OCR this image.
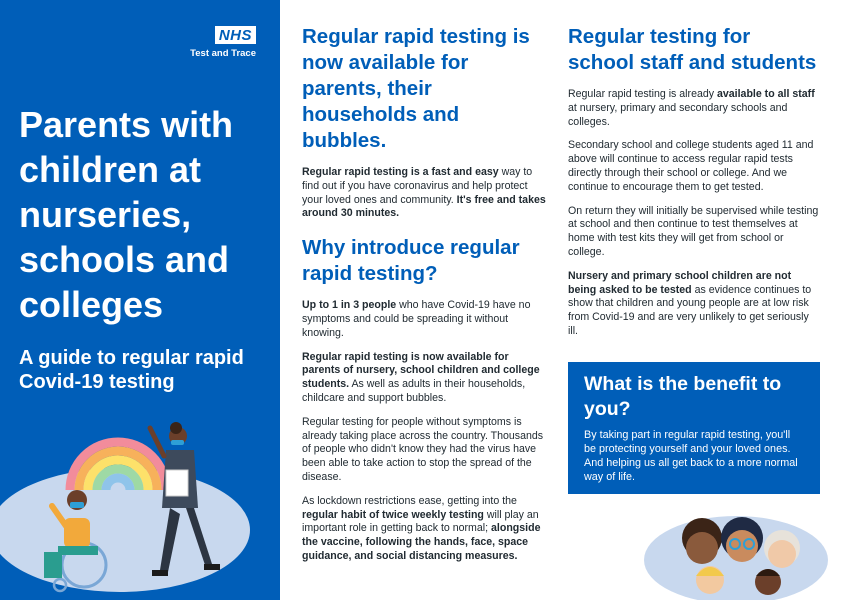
NHS
Test and Trace
Parents with children at nurseries, schools and colleges
A guide to regular rapid Covid-19 testing
Regular rapid testing is now available for parents, their households and bubbles.

Regular rapid testing is a fast and easy way to find out if you have coronavirus and help protect your loved ones and community. It's free and takes around 30 minutes.

Why introduce regular rapid testing?

Up to 1 in 3 people who have Covid-19 have no symptoms and could be spreading it without knowing.

Regular rapid testing is now available for parents of nursery, school children and college students. As well as adults in their households, childcare and support bubbles.

Regular testing for people without symptoms is already taking place across the country. Thousands of people who didn't know they had the virus have been able to take action to stop the spread of the disease.

As lockdown restrictions ease, getting into the regular habit of twice weekly testing will play an important role in getting back to normal; alongside the vaccine, following the hands, face, space guidance, and social distancing measures.

Regular testing for school staff and students

Regular rapid testing is already available to all staff at nursery, primary and secondary schools and colleges.

Secondary school and college students aged 11 and above will continue to access regular rapid tests directly through their school or college. And we continue to encourage them to get tested.

On return they will initially be supervised while testing at school and then continue to test themselves at home with test kits they will get from school or college.

Nursery and primary school children are not being asked to be tested as evidence continues to show that children and young people are at low risk from Covid-19 and are very unlikely to get seriously ill.

What is the benefit to you?

By taking part in regular rapid testing, you'll be protecting yourself and your loved ones. And helping us all get back to a more normal way of life.
